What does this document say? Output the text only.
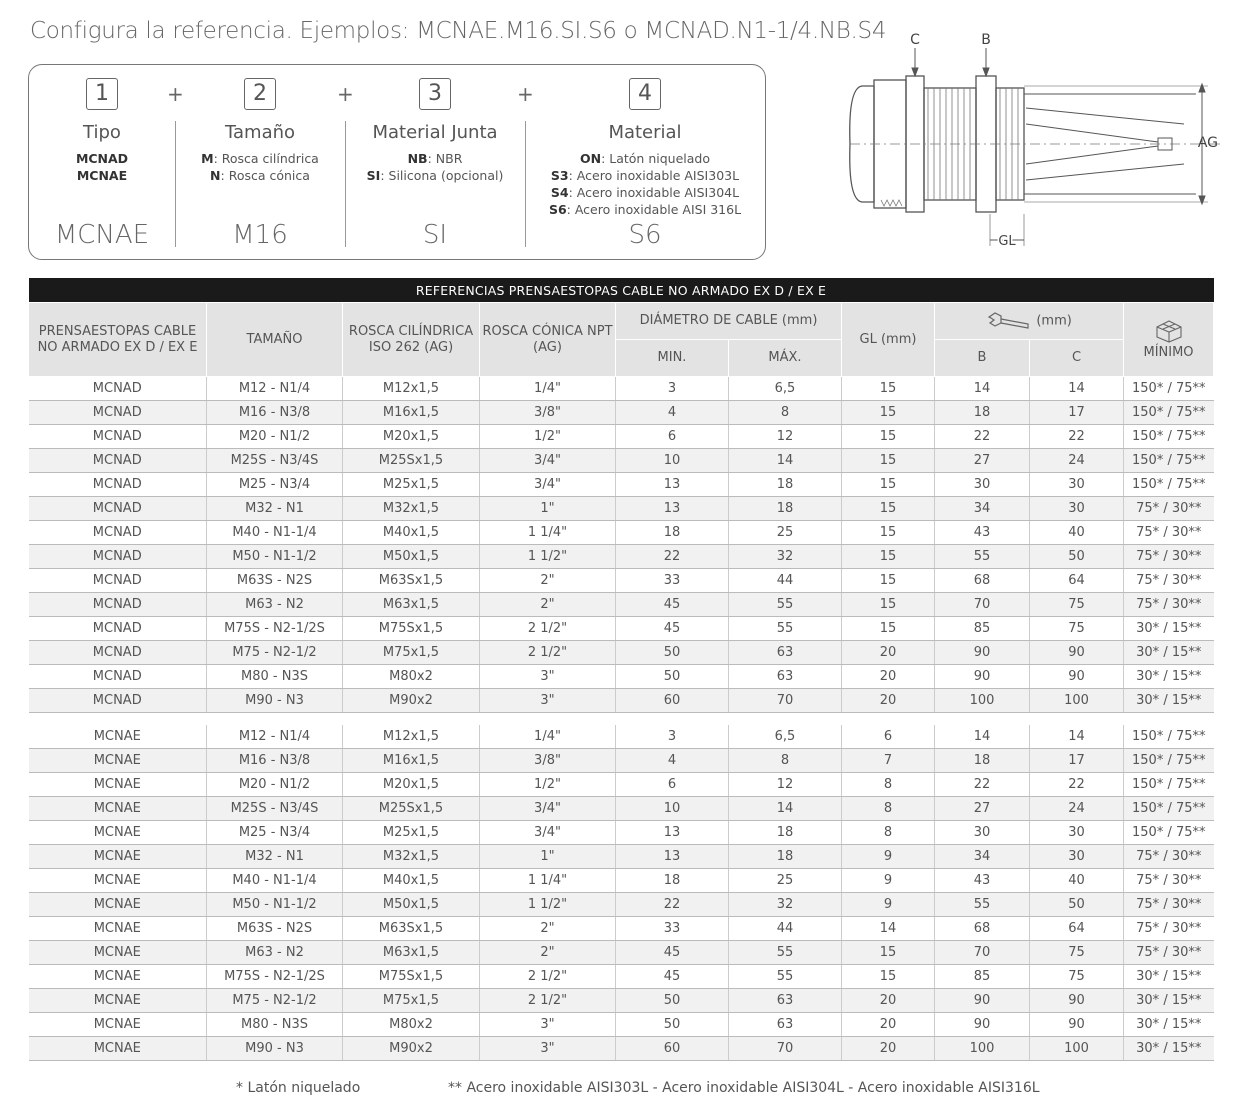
Configura la referencia. Ejemplos: MCNAE.M16.SI.S6 o MCNAD.N1-1/4.NB.S4
1
Tipo
MCNAD
MCNAE
MCNAE
2
Tamaño
M: Rosca cilíndrica
N: Rosca cónica
M16
3
Material Junta
NB: NBR
SI: Silicona (opcional)
SI
4
Material
ON: Latón niquelado
S3: Acero inoxidable AISI303L
S4: Acero inoxidable AISI304L
S6: Acero inoxidable AISI 316L
S6
+	+	+
C	B
AG
GL
REFERENCIAS PRENSAESTOPAS CABLE NO ARMADO EX D / EX E									
PRENSAESTOPAS CABLE NO ARMADO EX D / EX E	TAMAÑO	ROSCA CILÍNDRICA ISO 262 (AG)	ROSCA CÓNICA NPT (AG)	DIÁMETRO DE CABLE (mm)		GL (mm)	(mm)		MÍNIMO
				MIN.	MÁX.		B	C	
MCNAD	M12 - N1/4	M12x1,5	1/4"	3	6,5	15	14	14	150* / 75**
MCNAD	M16 - N3/8	M16x1,5	3/8"	4	8	15	18	17	150* / 75**
MCNAD	M20 - N1/2	M20x1,5	1/2"	6	12	15	22	22	150* / 75**
MCNAD	M25S - N3/4S	M25Sx1,5	3/4"	10	14	15	27	24	150* / 75**
MCNAD	M25 - N3/4	M25x1,5	3/4"	13	18	15	30	30	150* / 75**
MCNAD	M32 - N1	M32x1,5	1"	13	18	15	34	30	75* / 30**
MCNAD	M40 - N1-1/4	M40x1,5	1 1/4"	18	25	15	43	40	75* / 30**
MCNAD	M50 - N1-1/2	M50x1,5	1 1/2"	22	32	15	55	50	75* / 30**
MCNAD	M63S - N2S	M63Sx1,5	2"	33	44	15	68	64	75* / 30**
MCNAD	M63 - N2	M63x1,5	2"	45	55	15	70	75	75* / 30**
MCNAD	M75S - N2-1/2S	M75Sx1,5	2 1/2"	45	55	15	85	75	30* / 15**
MCNAD	M75 - N2-1/2	M75x1,5	2 1/2"	50	63	20	90	90	30* / 15**
MCNAD	M80 - N3S	M80x2	3"	50	63	20	90	90	30* / 15**
MCNAD	M90 - N3	M90x2	3"	60	70	20	100	100	30* / 15**

MCNAE	M12 - N1/4	M12x1,5	1/4"	3	6,5	6	14	14	150* / 75**
MCNAE	M16 - N3/8	M16x1,5	3/8"	4	8	7	18	17	150* / 75**
MCNAE	M20 - N1/2	M20x1,5	1/2"	6	12	8	22	22	150* / 75**
MCNAE	M25S - N3/4S	M25Sx1,5	3/4"	10	14	8	27	24	150* / 75**
MCNAE	M25 - N3/4	M25x1,5	3/4"	13	18	8	30	30	150* / 75**
MCNAE	M32 - N1	M32x1,5	1"	13	18	9	34	30	75* / 30**
MCNAE	M40 - N1-1/4	M40x1,5	1 1/4"	18	25	9	43	40	75* / 30**
MCNAE	M50 - N1-1/2	M50x1,5	1 1/2"	22	32	9	55	50	75* / 30**
MCNAE	M63S - N2S	M63Sx1,5	2"	33	44	14	68	64	75* / 30**
MCNAE	M63 - N2	M63x1,5	2"	45	55	15	70	75	75* / 30**
MCNAE	M75S - N2-1/2S	M75Sx1,5	2 1/2"	45	55	15	85	75	30* / 15**
MCNAE	M75 - N2-1/2	M75x1,5	2 1/2"	50	63	20	90	90	30* / 15**
MCNAE	M80 - N3S	M80x2	3"	50	63	20	90	90	30* / 15**
MCNAE	M90 - N3	M90x2	3"	60	70	20	100	100	30* / 15**
* Latón niquelado	** Acero inoxidable AISI303L - Acero inoxidable AISI304L - Acero inoxidable AISI316L
